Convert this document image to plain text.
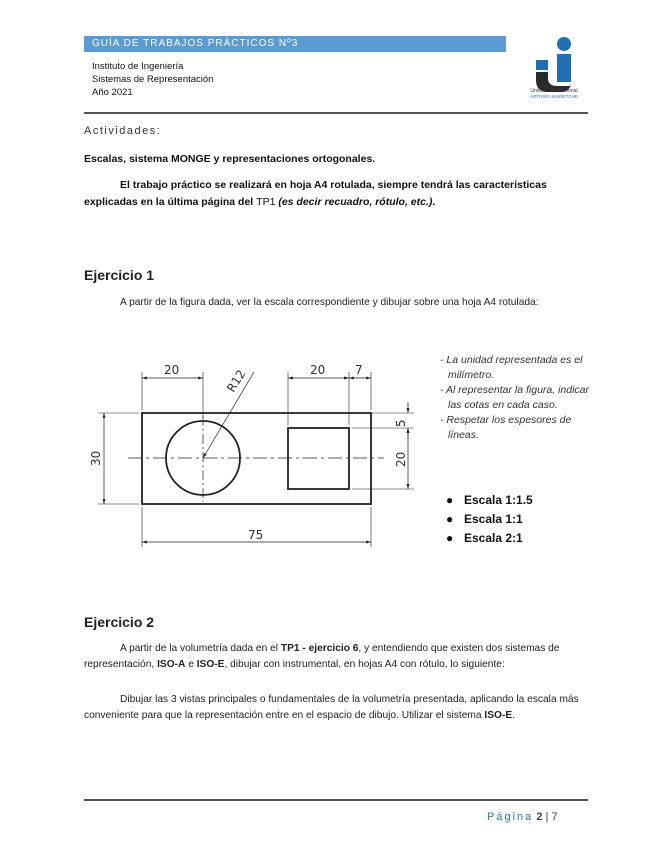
GUÍA DE TRABAJOS PRÁCTICOS Nº3
Instituto de Ingeniería
Sistemas de Representación
Año 2021	Universidad Nacional
ARTURO JAURETCHE
Actividades:
Escalas, sistema MONGE y representaciones ortogonales.
El trabajo práctico se realizará en hoja A4 rotulada, siempre tendrá las características explicadas en la última página del TP1 (es decir recuadro, rótulo, etc.).
Ejercicio 1
A partir de la figura dada, ver la escala correspondiente y dibujar sobre una hoja A4 rotulada:
20	R12	20 7
5
30	20
75
- La unidad representada es el milímetro.
- Al representar la figura, indicar las cotas en cada caso.
- Respetar los espesores de líneas.
● Escala 1:1.5
● Escala 1:1
● Escala 2:1
Ejercicio 2
A partir de la volumetría dada en el TP1 - ejercicio 6, y entendiendo que existen dos sistemas de representación, ISO-A e ISO-E, dibujar con instrumental, en hojas A4 con rótulo, lo siguiente:
Dibujar las 3 vistas principales o fundamentales de la volumetría presentada, aplicando la escala más conveniente para que la representación entre en el espacio de dibujo. Utilizar el sistema ISO-E.
Página 2 | 7
